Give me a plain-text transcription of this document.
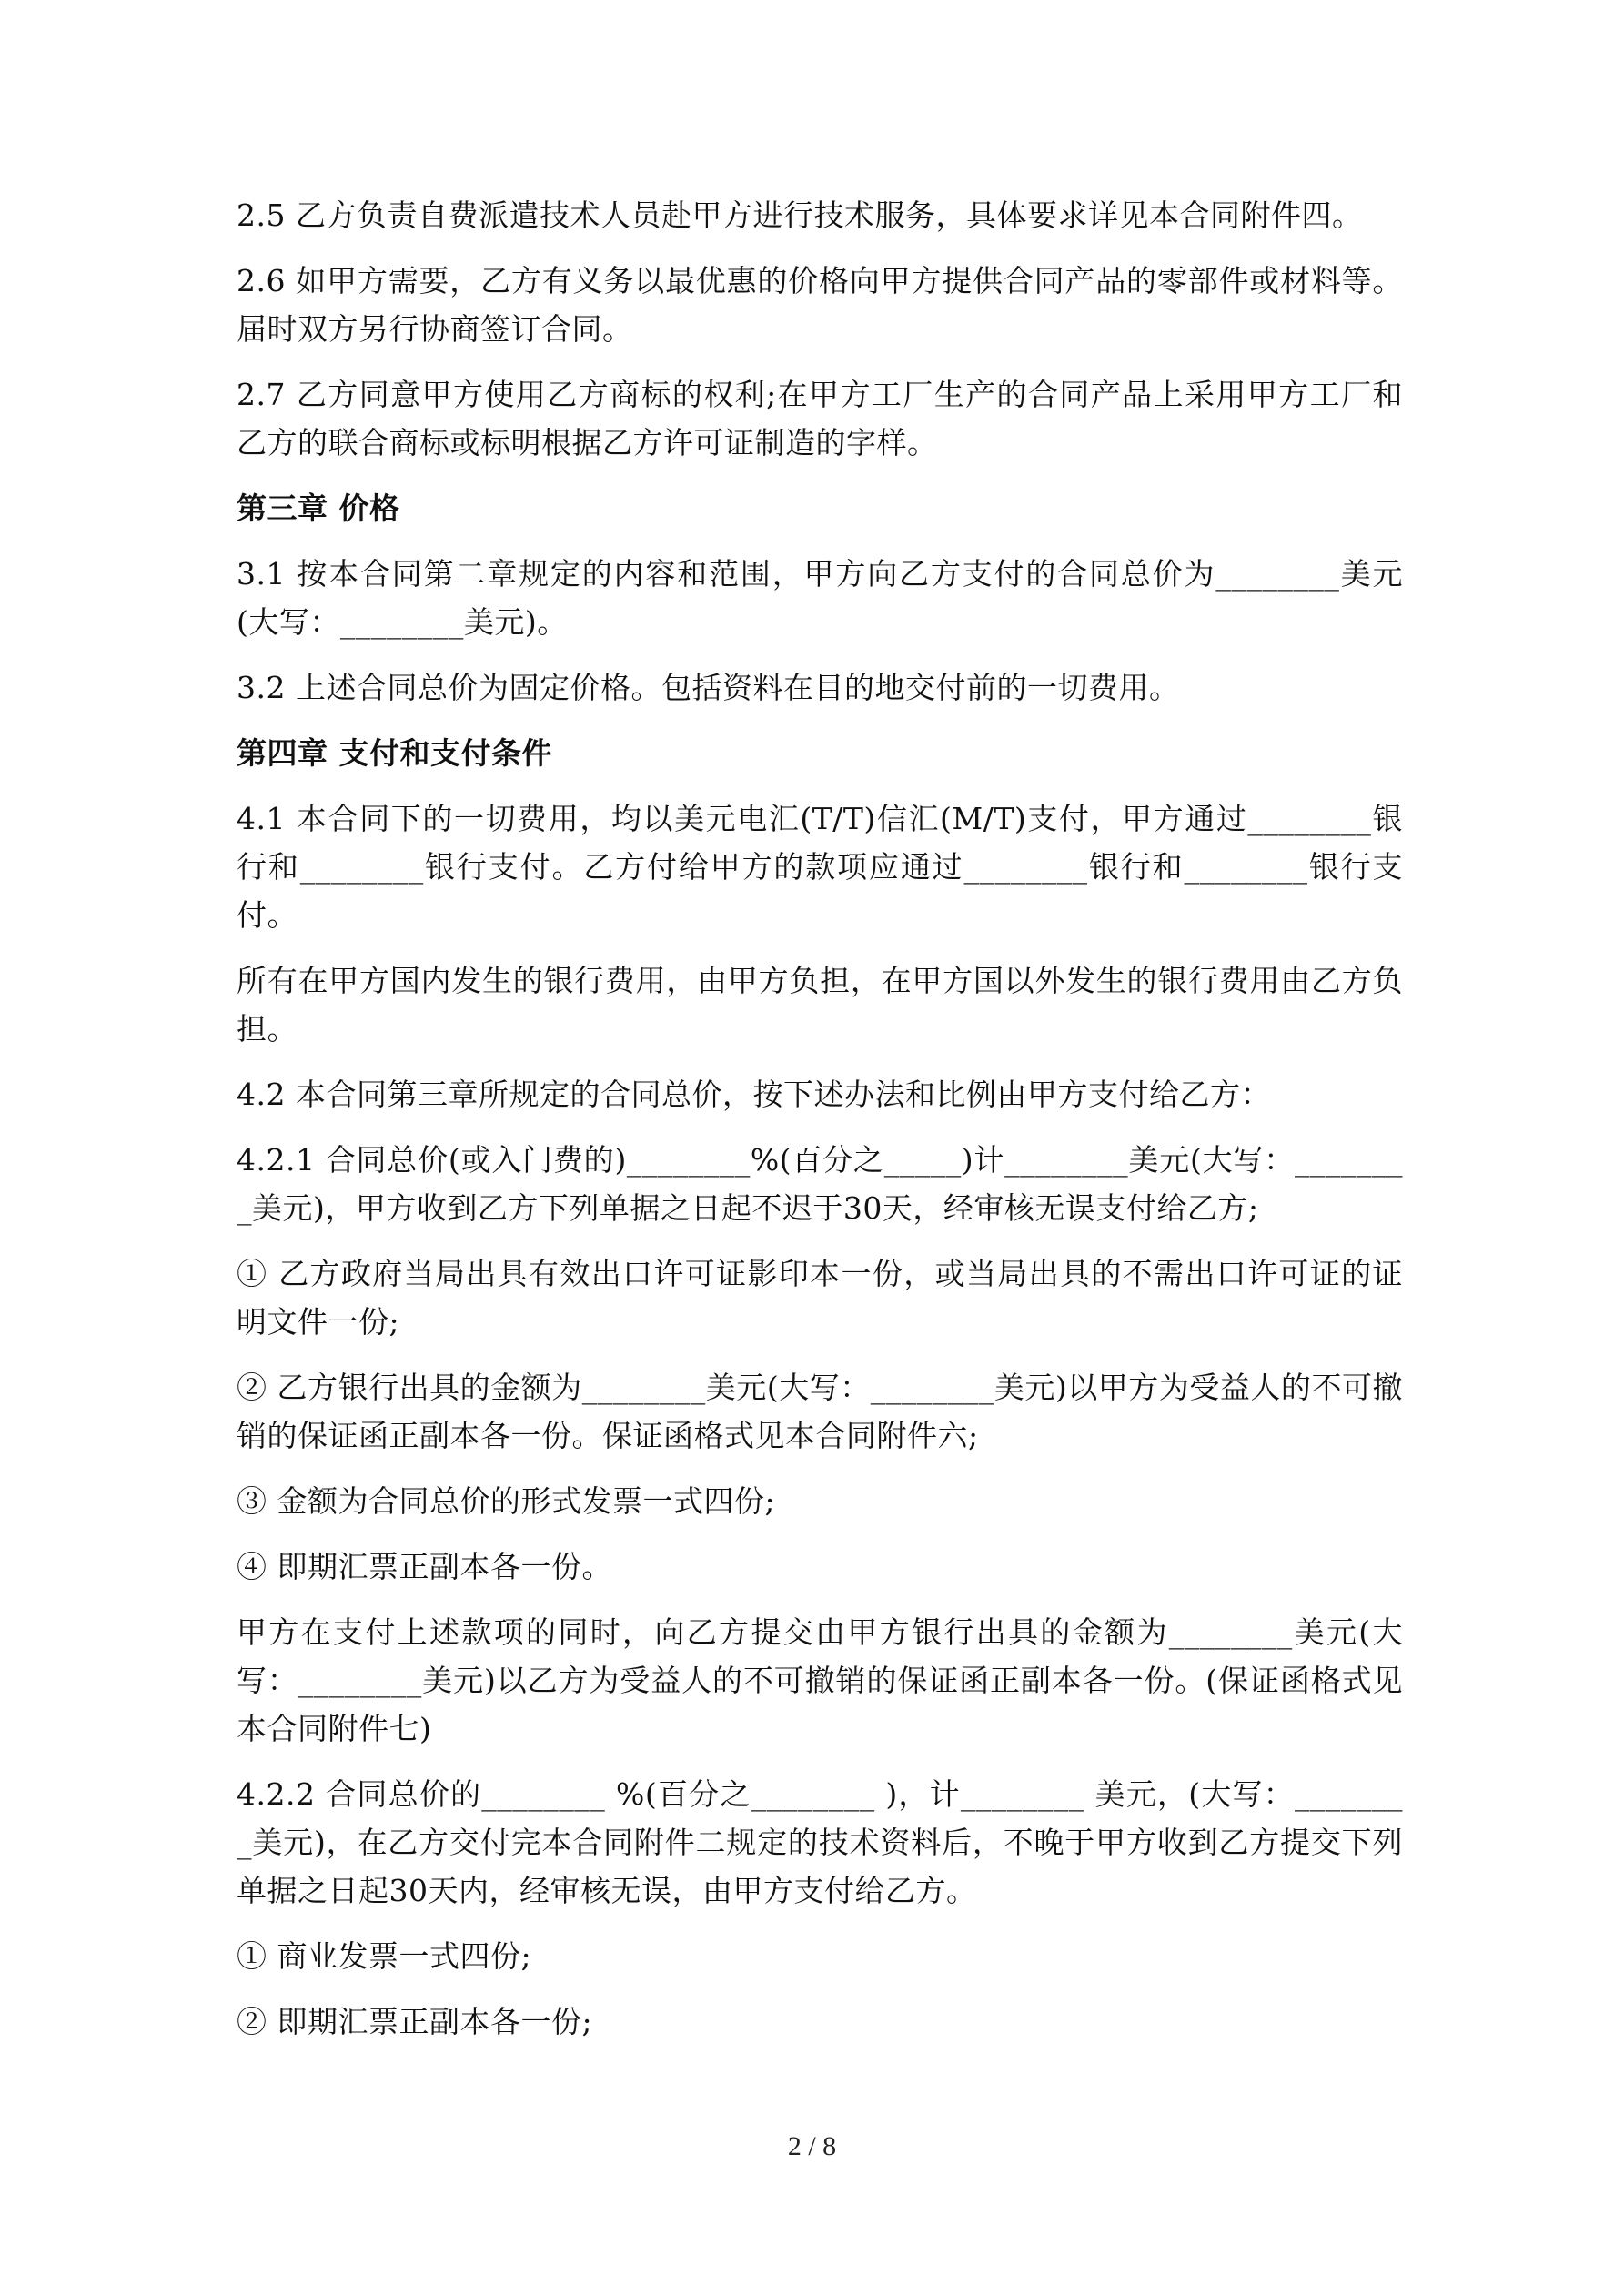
2.5 乙方负责自费派遣技术人员赴甲方进行技术服务，具体要求详见本合同附件四。

2.6 如甲方需要，乙方有义务以最优惠的价格向甲方提供合同产品的零部件或材料等。届时双方另行协商签订合同。

2.7 乙方同意甲方使用乙方商标的权利;在甲方工厂生产的合同产品上采用甲方工厂和乙方的联合商标或标明根据乙方许可证制造的字样。

第三章 价格

3.1 按本合同第二章规定的内容和范围，甲方向乙方支付的合同总价为________美元(大写：________美元)。

3.2 上述合同总价为固定价格。包括资料在目的地交付前的一切费用。

第四章 支付和支付条件

4.1 本合同下的一切费用，均以美元电汇(T/T)信汇(M/T)支付，甲方通过________银行和________银行支付。乙方付给甲方的款项应通过________银行和________银行支付。

所有在甲方国内发生的银行费用，由甲方负担，在甲方国以外发生的银行费用由乙方负担。

4.2 本合同第三章所规定的合同总价，按下述办法和比例由甲方支付给乙方：

4.2.1 合同总价(或入门费的)________%(百分之_____)计________美元(大写：________美元)，甲方收到乙方下列单据之日起不迟于30天，经审核无误支付给乙方;

① 乙方政府当局出具有效出口许可证影印本一份，或当局出具的不需出口许可证的证明文件一份;

② 乙方银行出具的金额为________美元(大写：________美元)以甲方为受益人的不可撤销的保证函正副本各一份。保证函格式见本合同附件六;

③ 金额为合同总价的形式发票一式四份;

④ 即期汇票正副本各一份。

甲方在支付上述款项的同时，向乙方提交由甲方银行出具的金额为________美元(大写：________美元)以乙方为受益人的不可撤销的保证函正副本各一份。(保证函格式见本合同附件七)

4.2.2 合同总价的________ %(百分之________ )，计________ 美元，(大写：________美元)，在乙方交付完本合同附件二规定的技术资料后，不晚于甲方收到乙方提交下列单据之日起30天内，经审核无误，由甲方支付给乙方。

① 商业发票一式四份;

② 即期汇票正副本各一份;

2 / 8
